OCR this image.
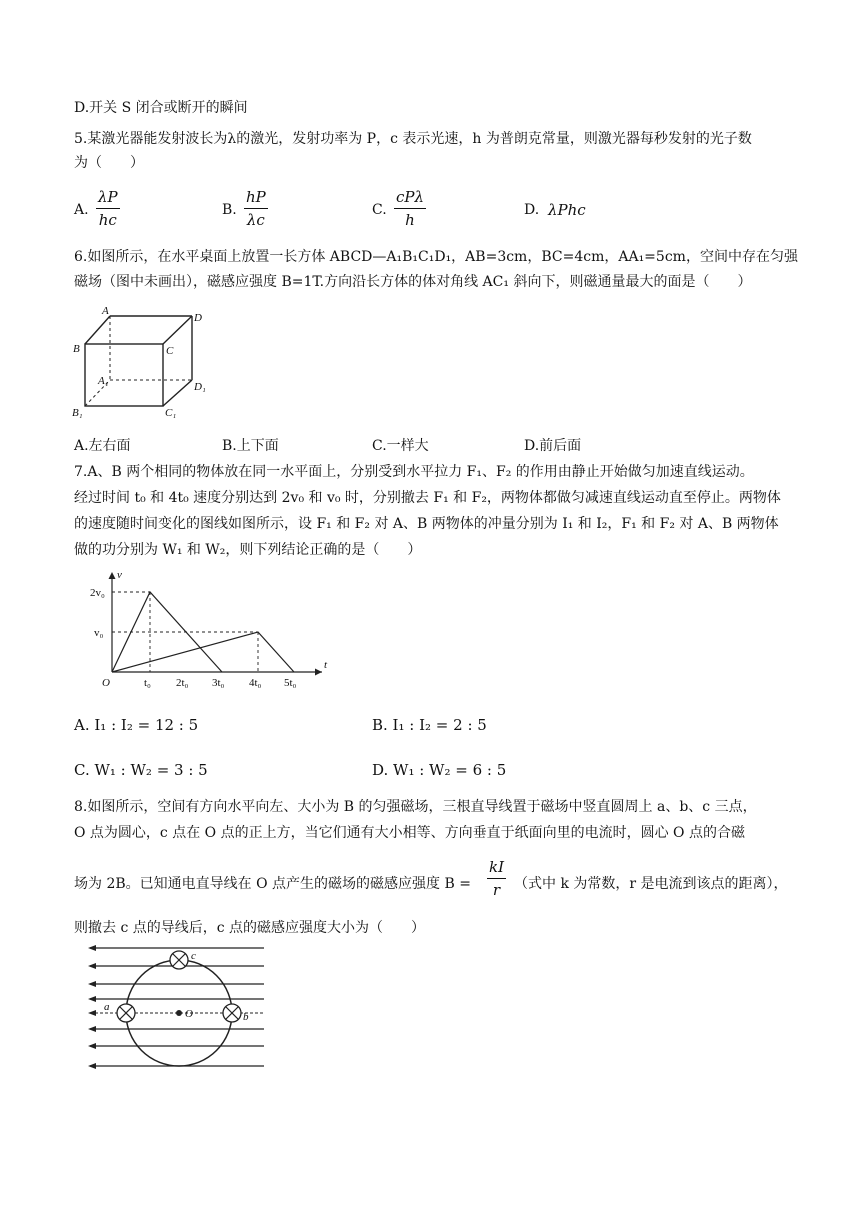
D.开关 S 闭合或断开的瞬间
5.某激光器能发射波长为λ的激光，发射功率为 P，c 表示光速，h 为普朗克常量，则激光器每秒发射的光子数
为（　　）
A. $\frac{\lambda P}{hc}$	B. $\frac{hP}{\lambda c}$	C.
cPλ
h
D. λPhc
6.如图所示，在水平桌面上放置一长方体 ABCD—A₁B₁C₁D₁，AB=3cm，BC=4cm，AA₁=5cm，空间中存在匀强
磁场（图中未画出），磁感应强度 B=1T.方向沿长方体的体对角线 AC₁ 斜向下，则磁通量最大的面是（　　）
A
D
B	C
A₁	D₁
B₁	C₁
A.左右面	B.上下面	C.一样大	D.前后面
7.A、B 两个相同的物体放在同一水平面上，分别受到水平拉力 F₁、F₂ 的作用由静止开始做匀加速直线运动。
经过时间 t₀ 和 4t₀ 速度分别达到 2v₀ 和 v₀ 时，分别撤去 F₁ 和 F₂，两物体都做匀减速直线运动直至停止。两物体
的速度随时间变化的图线如图所示，设 F₁ 和 F₂ 对 A、B 两物体的冲量分别为 I₁ 和 I₂，F₁ 和 F₂ 对 A、B 两物体
做的功分别为 W₁ 和 W₂，则下列结论正确的是（　　）
v
t
2v₀
v₀
O	t₀ 2t₀ 3t₀ 4t₀ 5t₀
A. I₁ : I₂ = 12 : 5	B. I₁ : I₂ = 2 : 5
C. W₁ : W₂ = 3 : 5	D. W₁ : W₂ = 6 : 5
8.如图所示，空间有方向水平向左、大小为 B 的匀强磁场，三根直导线置于磁场中竖直圆周上 a、b、c 三点，
O 点为圆心，c 点在 O 点的正上方，当它们通有大小相等、方向垂直于纸面向里的电流时，圆心 O 点的合磁
场为 2B。已知通电直导线在 O 点产生的磁场的磁感应强度 $B = \frac{kI}{r}$ （式中 k 为常数，r 是电流到该点的距离），
则撤去 c 点的导线后，c 点的磁感应强度大小为（　　）
c
a
b
O
